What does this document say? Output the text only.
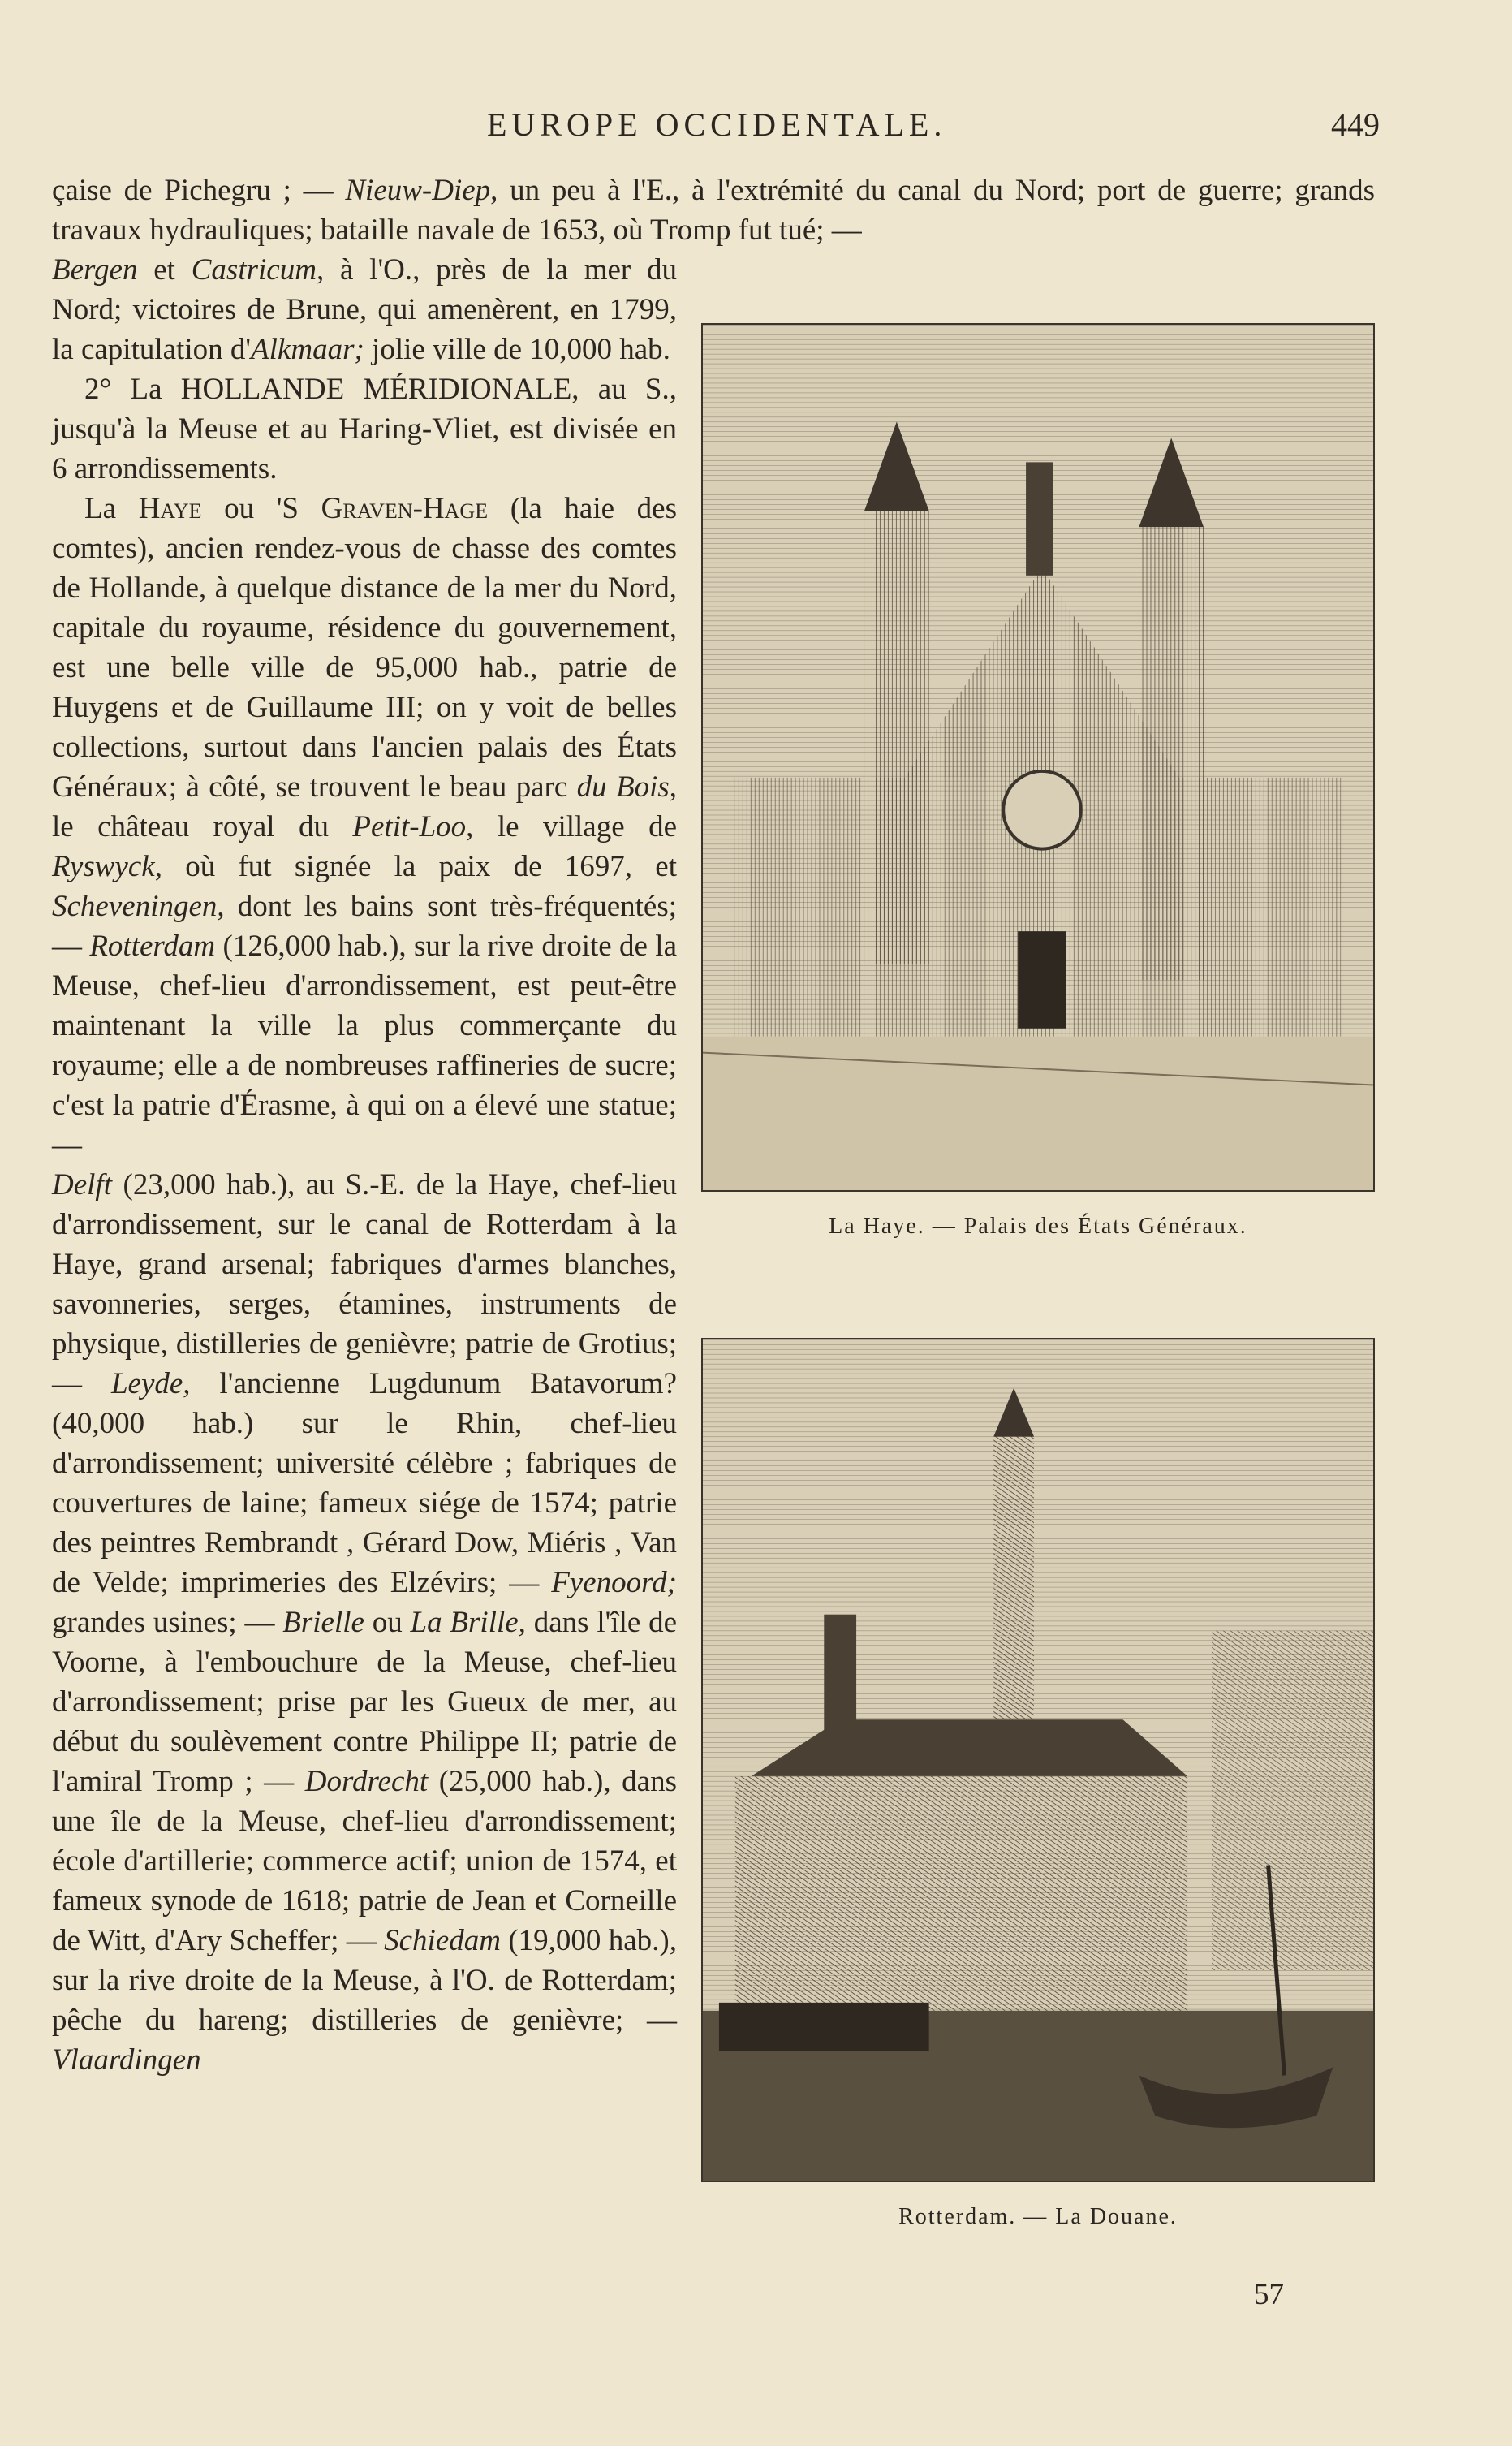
EUROPE OCCIDENTALE.	449

çaise de Pichegru ; — Nieuw-Diep, un peu à l'E., à l'extrémité du canal du Nord; port de guerre; grands travaux hydrauliques; bataille navale de 1653, où Tromp fut tué; —

La Haye. — Palais des États Généraux.
Bergen et Castricum, à l'O., près de la mer du Nord; victoires de Brune, qui amenèrent, en 1799, la capitulation d'Alkmaar; jolie ville de 10,000 hab.

2° La HOLLANDE MÉRIDIONALE, au S., jusqu'à la Meuse et au Haring-Vliet, est divisée en 6 arrondissements.

La Haye ou 'S Graven-Hage (la haie des comtes), ancien rendez-vous de chasse des comtes de Hollande, à quelque distance de la mer du Nord, capitale du royaume, résidence du gouvernement, est une belle ville de 95,000 hab., patrie de Huygens et de Guillaume III; on y voit de belles collections, surtout dans l'ancien palais des États Généraux; à côté, se trouvent le beau parc du Bois, le château royal du Petit-Loo, le village de Ryswyck, où fut signée la paix de 1697, et Scheveningen, dont les bains sont très-fréquentés; — Rotterdam (126,000 hab.), sur la rive droite de la Meuse, chef-lieu d'arrondissement, est peut-être maintenant la ville la plus commerçante du royaume; elle a de nombreuses raffineries de sucre; c'est la patrie d'Érasme, à qui on a élevé une statue; —

Rotterdam. — La Douane.
Delft (23,000 hab.), au S.-E. de la Haye, chef-lieu d'arrondissement, sur le canal de Rotterdam à la Haye, grand arsenal; fabriques d'armes blanches, savonneries, serges, étamines, instruments de physique, distilleries de genièvre; patrie de Grotius; — Leyde, l'ancienne Lugdunum Batavorum? (40,000 hab.) sur le Rhin, chef-lieu d'arrondissement; université célèbre ; fabriques de couvertures de laine; fameux siége de 1574; patrie des peintres Rembrandt , Gérard Dow, Miéris , Van de Velde; imprimeries des Elzévirs; — Fyenoord; grandes usines; — Brielle ou La Brille, dans l'île de Voorne, à l'embouchure de la Meuse, chef-lieu d'arrondissement; prise par les Gueux de mer, au début du soulèvement contre Philippe II; patrie de l'amiral Tromp ; — Dordrecht (25,000 hab.), dans une île de la Meuse, chef-lieu d'arrondissement; école d'artillerie; commerce actif; union de 1574, et fameux synode de 1618; patrie de Jean et Corneille de Witt, d'Ary Scheffer; — Schiedam (19,000 hab.), sur la rive droite de la Meuse, à l'O. de Rotterdam; pêche du hareng; distilleries de genièvre; — Vlaardingen

57
